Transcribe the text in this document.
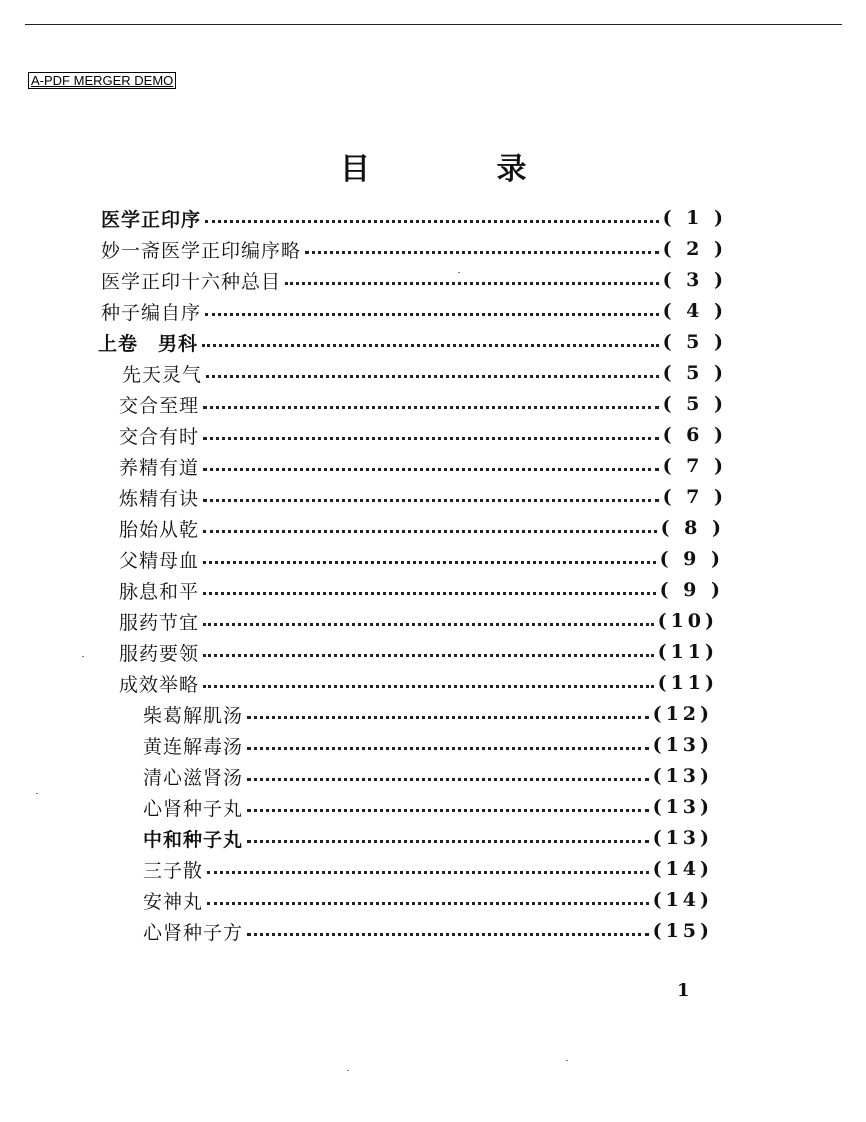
A-PDF MERGER DEMO
目 录
医学正印序	( 1 )
妙一斋医学正印编序略	( 2 )
医学正印十六种总目	( 3 )
种子编自序	( 4 )
上卷　男科	( 5 )
先天灵气	( 5 )
交合至理	( 5 )
交合有时	( 6 )
养精有道	( 7 )
炼精有诀	( 7 )
胎始从乾	( 8 )
父精母血	( 9 )
脉息和平	( 9 )
服药节宜	(10)
服药要领	(11)
成效举略	(11)
柴葛解肌汤	(12)
黄连解毒汤	(13)
清心滋肾汤	(13)
心肾种子丸	(13)
中和种子丸	(13)
三子散	(14)
安神丸	(14)
心肾种子方	(15)
1
